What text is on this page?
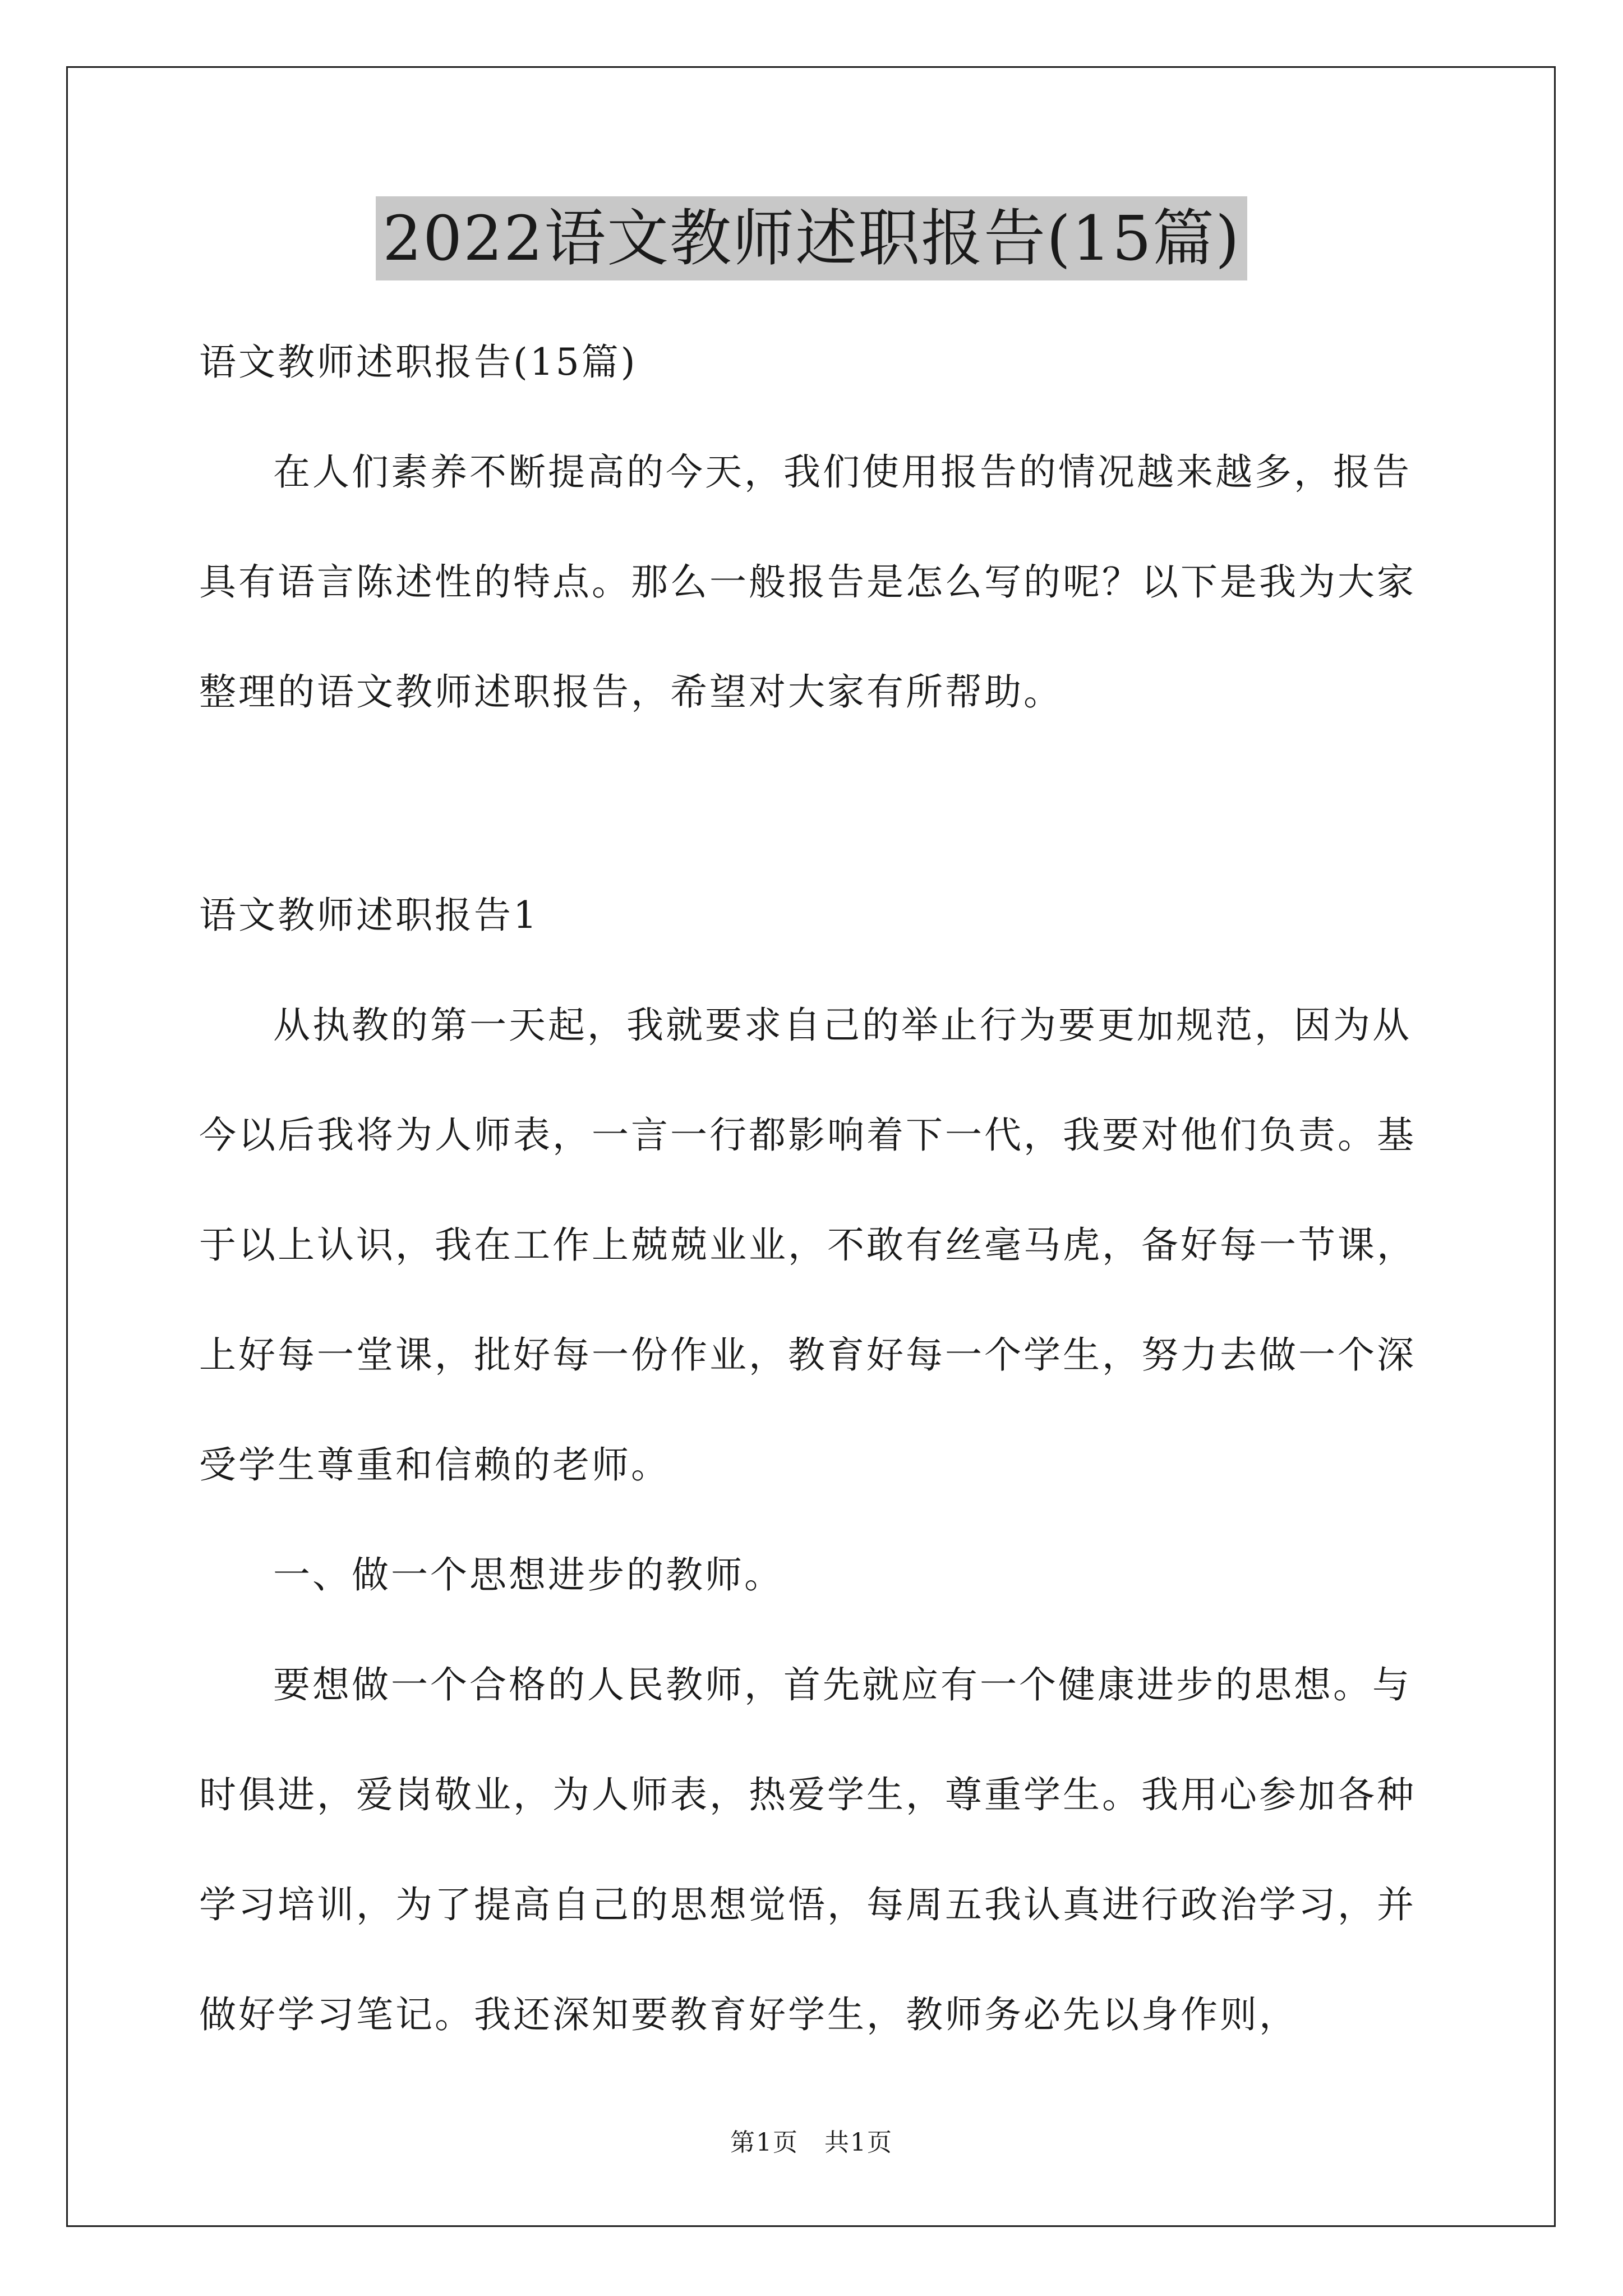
2022语文教师述职报告(15篇)

语文教师述职报告(15篇)

在人们素养不断提高的今天，我们使用报告的情况越来越多，报告具有语言陈述性的特点。那么一般报告是怎么写的呢？以下是我为大家整理的语文教师述职报告，希望对大家有所帮助。

语文教师述职报告1

从执教的第一天起，我就要求自己的举止行为要更加规范，因为从今以后我将为人师表，一言一行都影响着下一代，我要对他们负责。基于以上认识，我在工作上兢兢业业，不敢有丝毫马虎，备好每一节课，上好每一堂课，批好每一份作业，教育好每一个学生，努力去做一个深受学生尊重和信赖的老师。

一、做一个思想进步的教师。

要想做一个合格的人民教师，首先就应有一个健康进步的思想。与时俱进，爱岗敬业，为人师表，热爱学生，尊重学生。我用心参加各种学习培训，为了提高自己的思想觉悟，每周五我认真进行政治学习，并做好学习笔记。我还深知要教育好学生，教师务必先以身作则，

第1页　共1页
